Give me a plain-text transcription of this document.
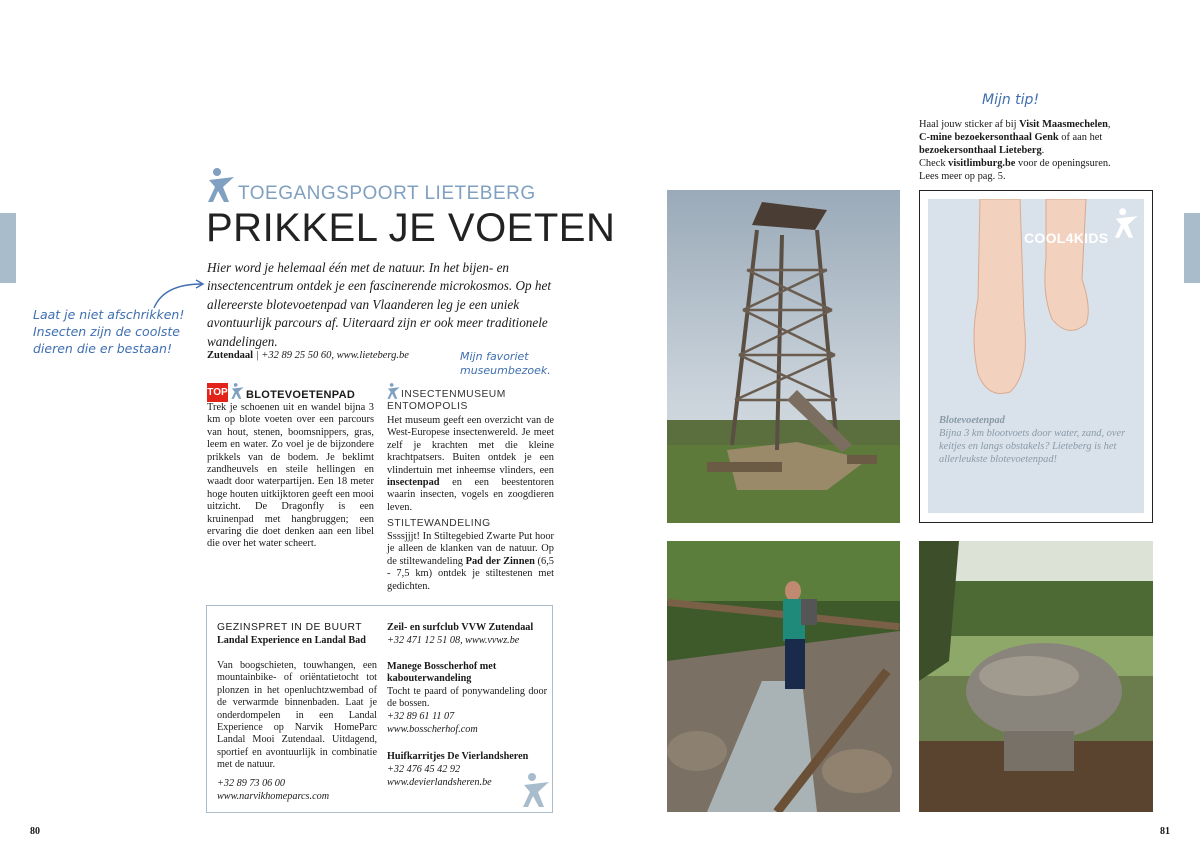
TOEGANGSPOORT LIETEBERG
PRIKKEL JE VOETEN
Hier word je helemaal één met de natuur. In het bijen- en insectencentrum ontdek je een fascinerende microkosmos. Op het allereerste blotevoetenpad van Vlaanderen leg je een uniek avontuurlijk parcours af. Uiteraard zijn er ook meer traditionele wandelingen.
Zutendaal | +32 89 25 50 60, www.lieteberg.be
Laat je niet afschrikken! Insecten zijn de coolste dieren die er bestaan!
Mijn favoriet museumbezoek.
TOP BLOTEVOETENPAD
Trek je schoenen uit en wandel bijna 3 km op blote voeten over een parcours van hout, stenen, boomsnippers, gras, leem en water. Zo voel je de bijzondere prikkels van de bodem. Je beklimt zandheuvels en steile hellingen en waadt door waterpartijen. Een 18 meter hoge houten uitkijktoren geeft een mooi uitzicht. De Dragonfly is een kruinenpad met hangbruggen; een ervaring die doet denken aan een libel die over het water scheert.
INSECTENMUSEUM ENTOMOPOLIS
Het museum geeft een overzicht van de West-Europese insectenwereld. Je meet zelf je krachten met die kleine krachtpatsers. Buiten ontdek je een vlindertuin met inheemse vlinders, een insectenpad en een beestentoren waarin insecten, vogels en zoogdieren leven.
STILTEWANDELING
Ssssjjjt! In Stiltegebied Zwarte Put hoor je alleen de klanken van de natuur. Op de stiltewandeling Pad der Zinnen (6,5 - 7,5 km) ontdek je stiltestenen met gedichten.
GEZINSPRET IN DE BUURT
Landal Experience en Landal Bad
Van boogschieten, touwhangen, een mountainbike- of oriëntatietocht tot plonzen in het openluchtzwembad of de verwarmde binnenbaden. Laat je onderdompelen in een Landal Experience op Narvik HomeParc Landal Mooi Zutendaal. Uitdagend, sportief en avontuurlijk in combinatie met de natuur.
+32 89 73 06 00
www.narvikhomeparcs.com
Zeil- en surfclub VVW Zutendaal
+32 471 12 51 08, www.vvwz.be
Manege Bosscherhof met kabouterwandeling
Tocht te paard of ponywandeling door de bossen.
+32 89 61 11 07
www.bosscherhof.com
Huifkarritjes De Vierlandsheren
+32 476 45 42 92
www.devierlandsheren.be
80
Mijn tip!
Haal jouw sticker af bij Visit Maasmechelen, C-mine bezoekersonthaal Genk of aan het bezoekersonthaal Lieteberg.
Check visitlimburg.be voor de openingsuren.
Lees meer op pag. 5.
COOL4KIDS
Blotevoetenpad
Bijna 3 km blootvoets door water, zand, over keitjes en langs obstakels? Lieteberg is het allerleukste blotevoetenpad!
81
